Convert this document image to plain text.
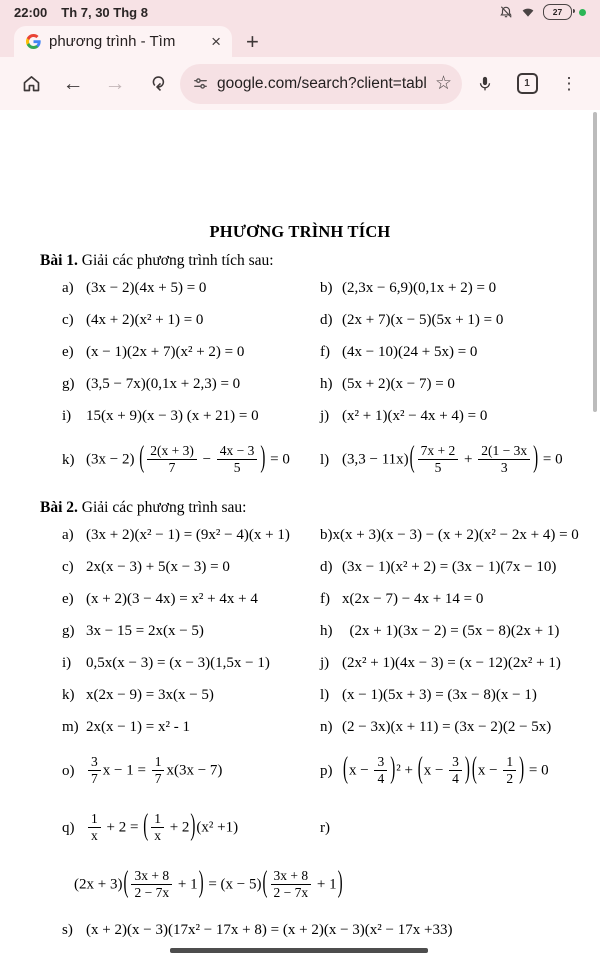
22:00 Th 7, 30 Thg 8	27
phương trình - Tìm	× +
← → ⟳	google.com/search?client=tabl ☆	1	⋮
PHƯƠNG TRÌNH TÍCH
Bài 1. Giải các phương trình tích sau:
a) (3x − 2)(4x + 5) = 0	b) (2,3x − 6,9)(0,1x + 2) = 0
c) (4x + 2)(x² + 1) = 0	d) (2x + 7)(x − 5)(5x + 1) = 0
e) (x − 1)(2x + 7)(x² + 2) = 0	f) (4x − 10)(24 + 5x) = 0
g) (3,5 − 7x)(0,1x + 2,3) = 0	h) (5x + 2)(x − 7) = 0
i) 15(x + 9)(x − 3) (x + 21) = 0	j) (x² + 1)(x² − 4x + 4) = 0
k) (3x − 2) ( $\frac{2(x + 3)}{7} - \frac{4x - 3}{5}$ ) = 0	l) $(3,3 - 11x)( \frac{7x + 2}{5} + \frac{2(1 - 3x}{3}$ ) = 0
Bài 2. Giải các phương trình sau:
a) (3x + 2)(x² − 1) = (9x² − 4)(x + 1)	b)x(x + 3)(x − 3) − (x + 2)(x² − 2x + 4) = 0
c) 2x(x − 3) + 5(x − 3) = 0	d) (3x − 1)(x² + 2) = (3x − 1)(7x − 10)
e) (x + 2)(3 − 4x) = x² + 4x + 4	f) x(2x − 7) − 4x + 14 = 0
g) 3x − 15 = 2x(x − 5)	h)	(2x + 1)(3x − 2) = (5x − 8)(2x + 1)
i) 0,5x(x − 3) = (x − 3)(1,5x − 1)	j) (2x² + 1)(4x − 3) = (x − 12)(2x² + 1)
k) x(2x − 9) = 3x(x − 5)	l) (x − 1)(5x + 3) = (3x − 8)(x − 1)
m) 2x(x − 1) = x² - 1	n) (2 − 3x)(x + 11) = (3x − 2)(2 − 5x)
o)	$\frac{3}{7}$ $x - 1 = \frac{1}{7} x(3x - 7)$	p) $(x - \frac{3}{4} )^2 + (x - \frac{3}{4}$ ) ($x - \frac{1}{2}$ ) = 0
q)	$\frac{1}{x} + 2$ = ( $\frac{1}{x} + 2)(x^2 +1)$	r)
$(2x + 3)( \frac{3x + 8}{2 - 7x} + 1) = (x - 5)( \frac{3x + 8}{2 - 7x} + 1)$
s) (x + 2)(x − 3)(17x² − 17x + 8) = (x + 2)(x − 3)(x² − 17x +33)
